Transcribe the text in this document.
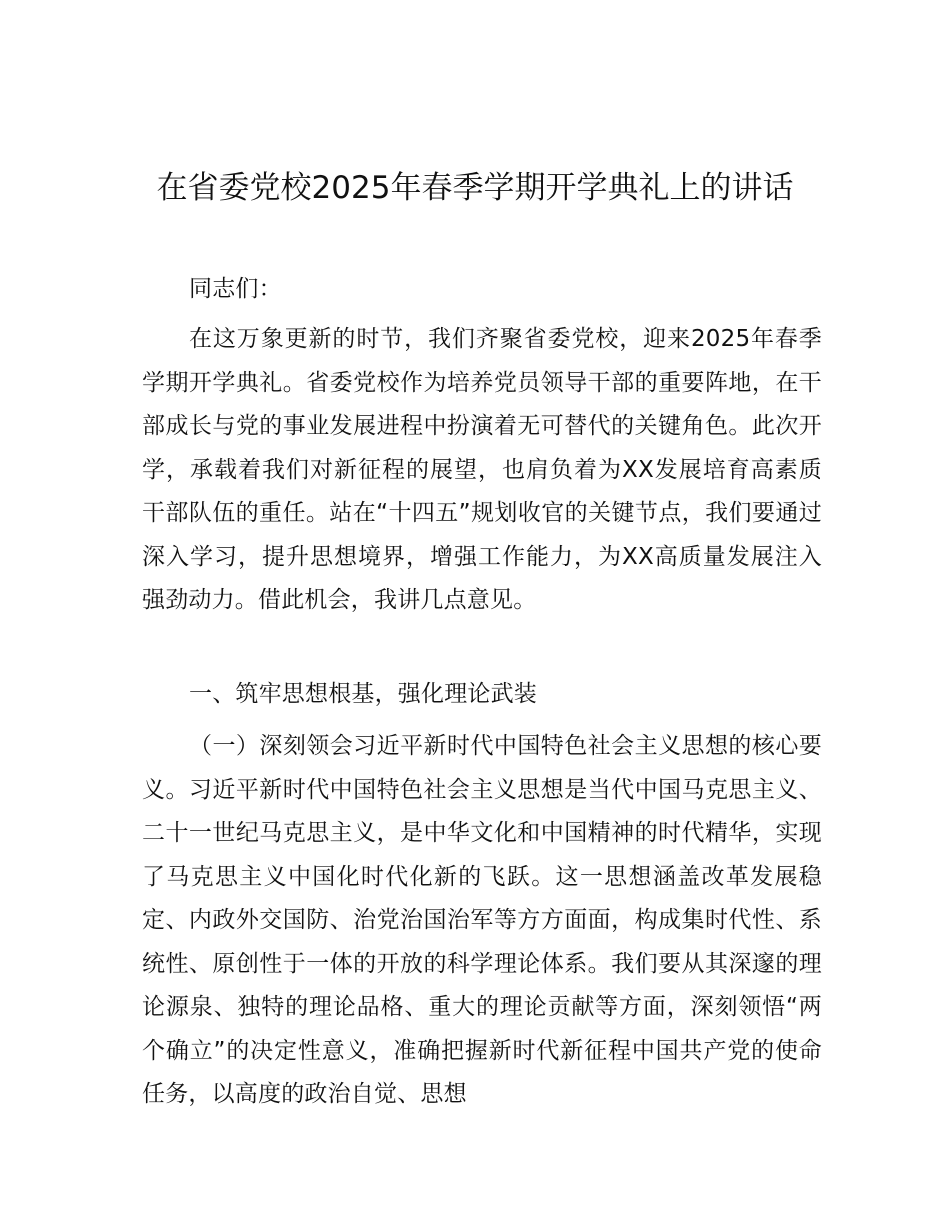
在省委党校2025年春季学期开学典礼上的讲话

同志们：

在这万象更新的时节，我们齐聚省委党校，迎来2025年春季学期开学典礼。省委党校作为培养党员领导干部的重要阵地，在干部成长与党的事业发展进程中扮演着无可替代的关键角色。此次开学，承载着我们对新征程的展望，也肩负着为XX发展培育高素质干部队伍的重任。站在“十四五”规划收官的关键节点，我们要通过深入学习，提升思想境界，增强工作能力，为XX高质量发展注入强劲动力。借此机会，我讲几点意见。

一、筑牢思想根基，强化理论武装

（一）深刻领会习近平新时代中国特色社会主义思想的核心要义。习近平新时代中国特色社会主义思想是当代中国马克思主义、二十一世纪马克思主义，是中华文化和中国精神的时代精华，实现了马克思主义中国化时代化新的飞跃。这一思想涵盖改革发展稳定、内政外交国防、治党治国治军等方方面面，构成集时代性、系统性、原创性于一体的开放的科学理论体系。我们要从其深邃的理论源泉、独特的理论品格、重大的理论贡献等方面，深刻领悟“两个确立”的决定性意义，准确把握新时代新征程中国共产党的使命任务，以高度的政治自觉、思想
